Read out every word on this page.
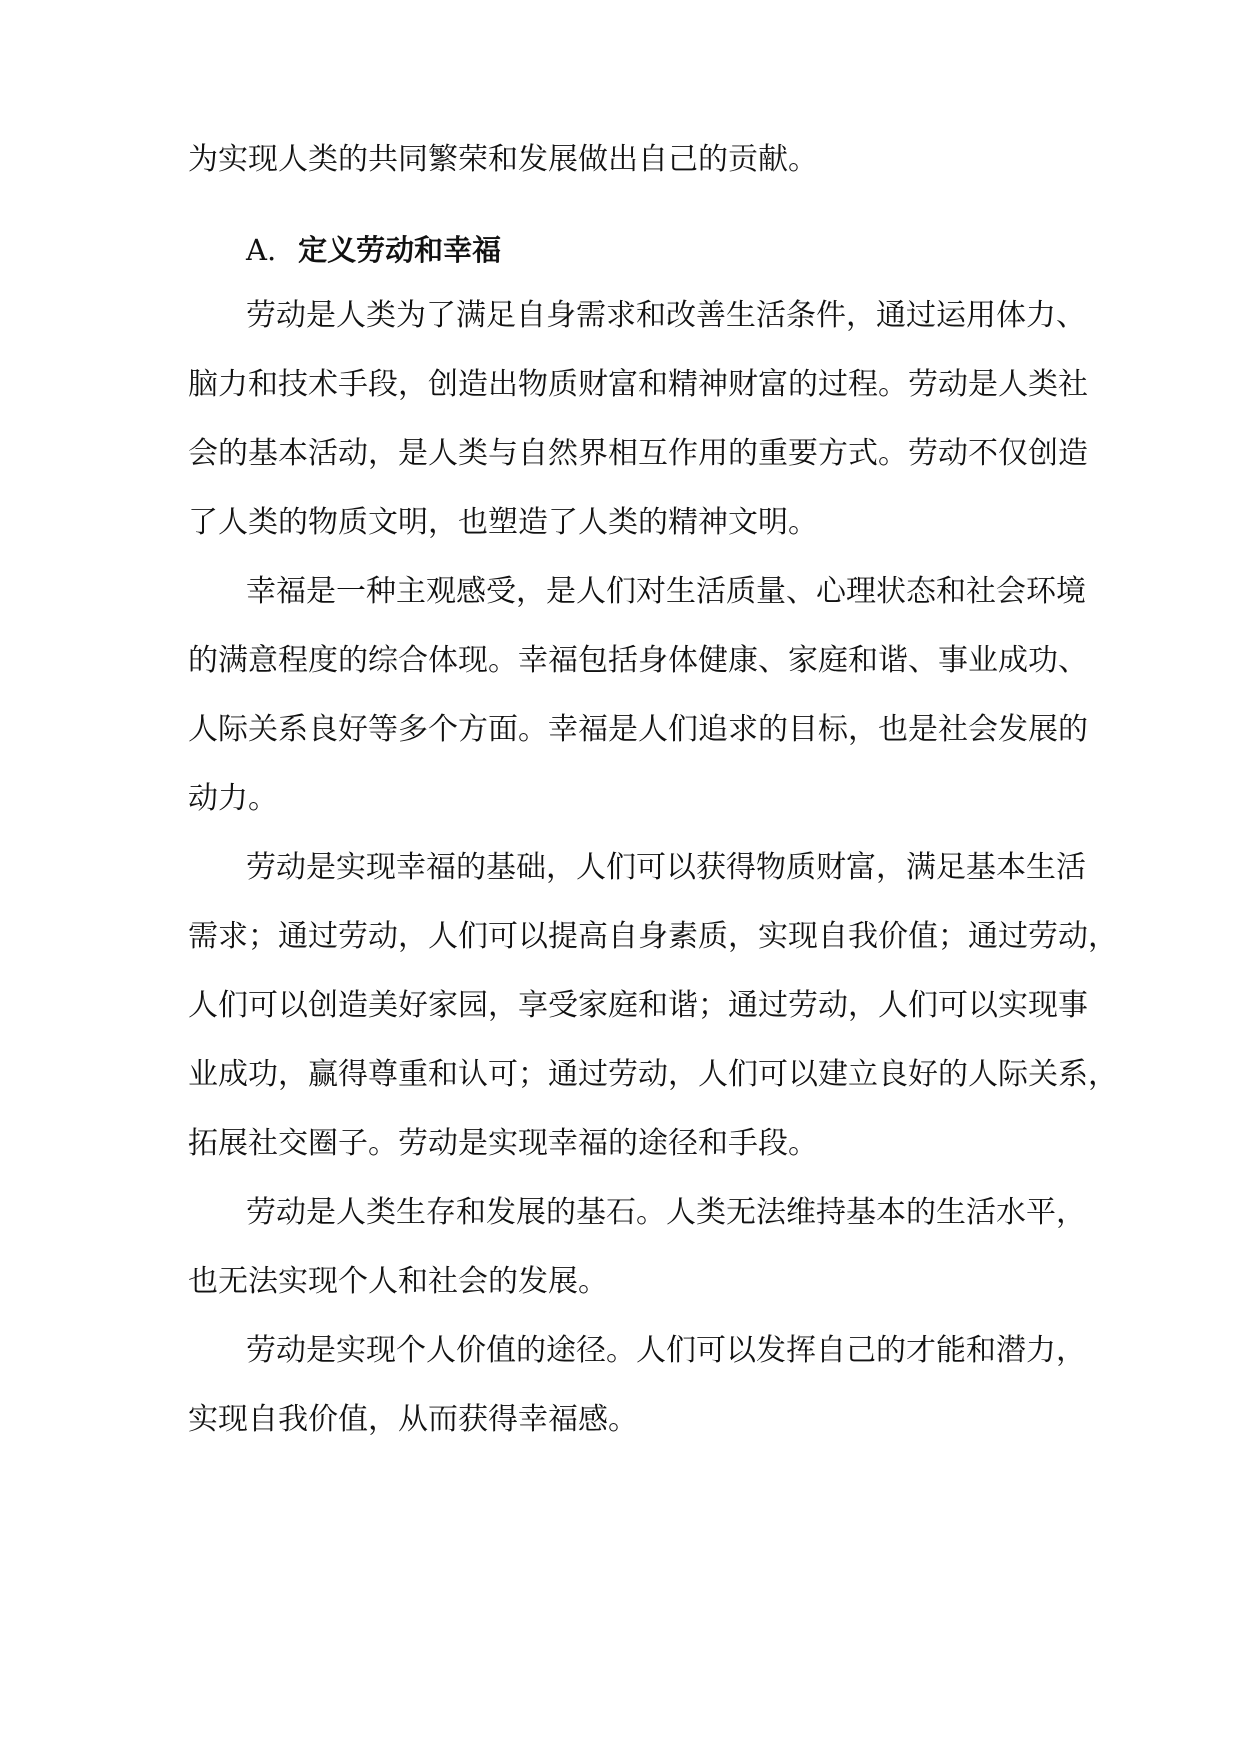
为实现人类的共同繁荣和发展做出自己的贡献。
A. 定义劳动和幸福
劳动是人类为了满足自身需求和改善生活条件，通过运用体力、
脑力和技术手段，创造出物质财富和精神财富的过程。劳动是人类社
会的基本活动，是人类与自然界相互作用的重要方式。劳动不仅创造
了人类的物质文明，也塑造了人类的精神文明。
幸福是一种主观感受，是人们对生活质量、心理状态和社会环境
的满意程度的综合体现。幸福包括身体健康、家庭和谐、事业成功、
人际关系良好等多个方面。幸福是人们追求的目标，也是社会发展的
动力。
劳动是实现幸福的基础，人们可以获得物质财富，满足基本生活
需求；通过劳动，人们可以提高自身素质，实现自我价值；通过劳动，
人们可以创造美好家园，享受家庭和谐；通过劳动，人们可以实现事
业成功，赢得尊重和认可；通过劳动，人们可以建立良好的人际关系，
拓展社交圈子。劳动是实现幸福的途径和手段。
劳动是人类生存和发展的基石。人类无法维持基本的生活水平，
也无法实现个人和社会的发展。
劳动是实现个人价值的途径。人们可以发挥自己的才能和潜力，
实现自我价值，从而获得幸福感。
